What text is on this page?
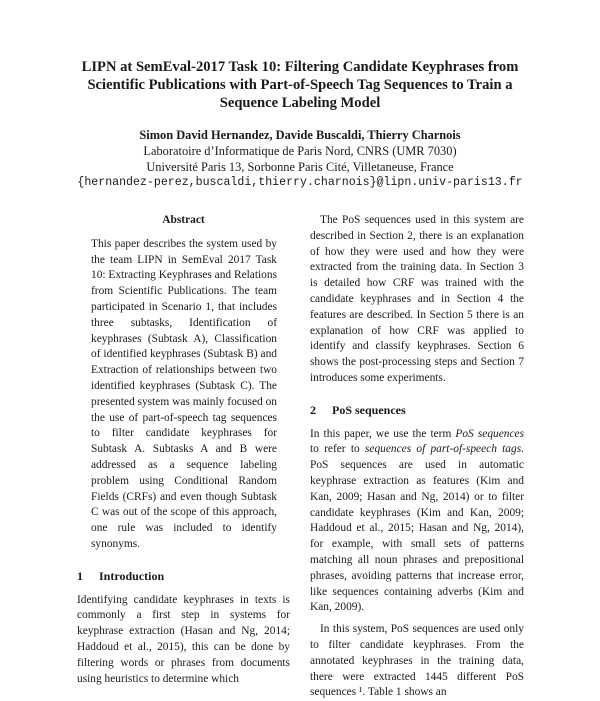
LIPN at SemEval-2017 Task 10: Filtering Candidate Keyphrases from Scientific Publications with Part-of-Speech Tag Sequences to Train a Sequence Labeling Model
Simon David Hernandez, Davide Buscaldi, Thierry Charnois
Laboratoire d’Informatique de Paris Nord, CNRS (UMR 7030)
Université Paris 13, Sorbonne Paris Cité, Villetaneuse, France
{hernandez-perez,buscaldi,thierry.charnois}@lipn.univ-paris13.fr
Abstract
This paper describes the system used by the team LIPN in SemEval 2017 Task 10: Extracting Keyphrases and Relations from Scientific Publications. The team participated in Scenario 1, that includes three subtasks, Identification of keyphrases (Subtask A), Classification of identified keyphrases (Subtask B) and Extraction of relationships between two identified keyphrases (Subtask C). The presented system was mainly focused on the use of part-of-speech tag sequences to filter candidate keyphrases for Subtask A. Subtasks A and B were addressed as a sequence labeling problem using Conditional Random Fields (CRFs) and even though Subtask C was out of the scope of this approach, one rule was included to identify synonyms.
1 Introduction

Identifying candidate keyphrases in texts is commonly a first step in systems for keyphrase extraction (Hasan and Ng, 2014; Haddoud et al., 2015), this can be done by filtering words or phrases from documents using heuristics to determine which

The PoS sequences used in this system are described in Section 2, there is an explanation of how they were used and how they were extracted from the training data. In Section 3 is detailed how CRF was trained with the candidate keyphrases and in Section 4 the features are described. In Section 5 there is an explanation of how CRF was applied to identify and classify keyphrases. Section 6 shows the post-processing steps and Section 7 introduces some experiments.

2 PoS sequences

In this paper, we use the term PoS sequences to refer to sequences of part-of-speech tags. PoS sequences are used in automatic keyphrase extraction as features (Kim and Kan, 2009; Hasan and Ng, 2014) or to filter candidate keyphrases (Kim and Kan, 2009; Haddoud et al., 2015; Hasan and Ng, 2014), for example, with small sets of patterns matching all noun phrases and prepositional phrases, avoiding patterns that increase error, like sequences containing adverbs (Kim and Kan, 2009).

In this system, PoS sequences are used only to filter candidate keyphrases. From the annotated keyphrases in the training data, there were extracted 1445 different PoS sequences ¹. Table 1 shows an
